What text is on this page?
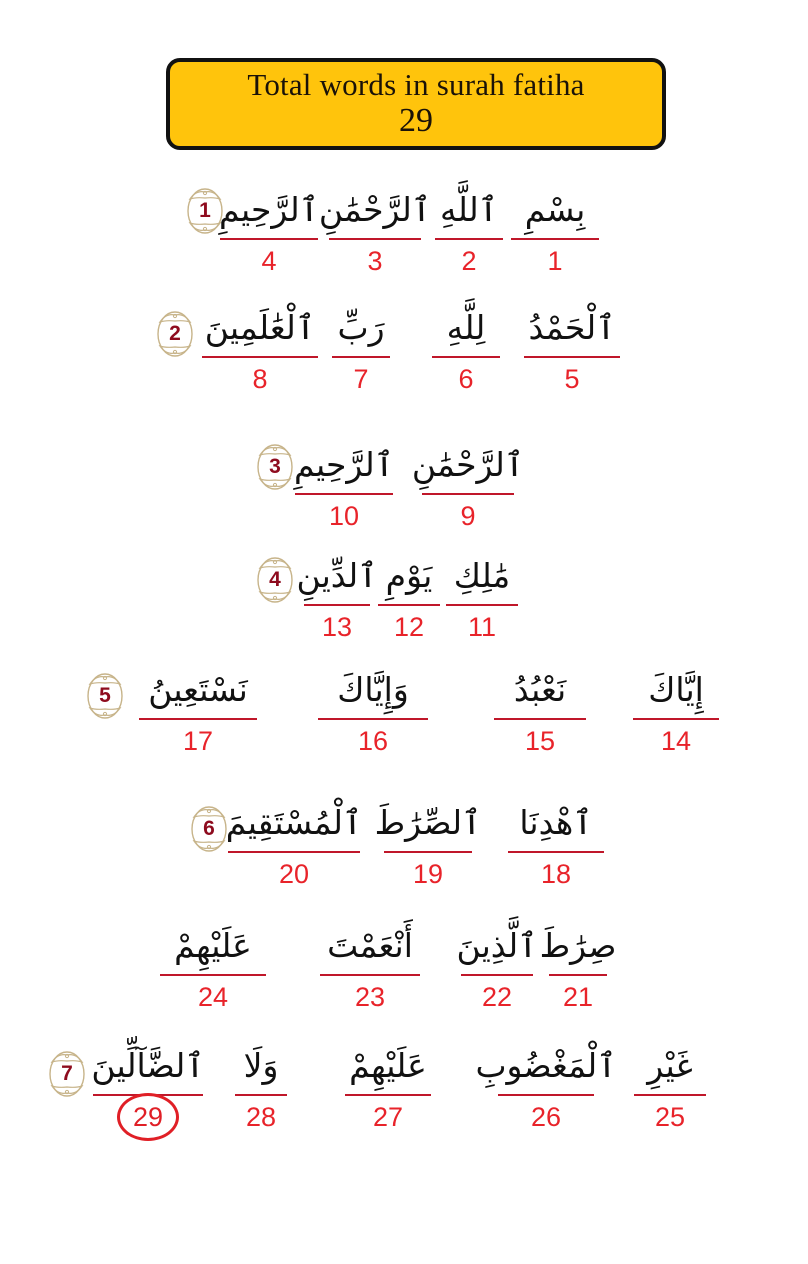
Total words in surah fatiha
29
1	بِسْمِ
1
ٱللَّهِ
2
ٱلرَّحْمَٰنِ
3
ٱلرَّحِيمِ
4
2	ٱلْحَمْدُ
5
لِلَّهِ
6
رَبِّ
7
ٱلْعَٰلَمِينَ
8
3	ٱلرَّحْمَٰنِ
9
ٱلرَّحِيمِ
10
4	مَٰلِكِ
11
يَوْمِ
12
ٱلدِّينِ
13
5	إِيَّاكَ
14
نَعْبُدُ
15
وَإِيَّاكَ
16
نَسْتَعِينُ
17
6	ٱهْدِنَا
18
ٱلصِّرَٰطَ
19
ٱلْمُسْتَقِيمَ
20
صِرَٰطَ
21
ٱلَّذِينَ
22
أَنْعَمْتَ
23
عَلَيْهِمْ
24
7	غَيْرِ
25
ٱلْمَغْضُوبِ
26
عَلَيْهِمْ
27
وَلَا
28
ٱلضَّآلِّينَ
29
